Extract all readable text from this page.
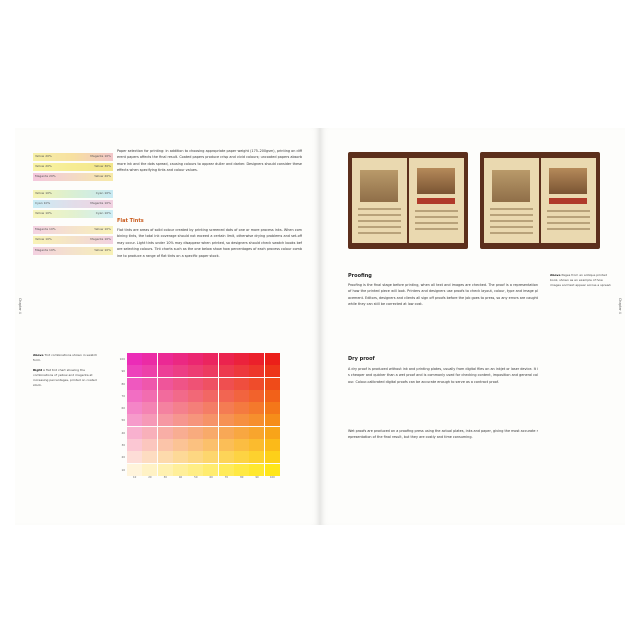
Chapter 4
Yellow 20%	Magenta 10%
Yellow 20%	Yellow 30%
Magenta 20%	Yellow 20%
Yellow 10%	Cyan 10%
Cyan 10%	Magenta 10%
Yellow 10%	Cyan 10%
Magenta 10%	Yellow 10%
Yellow 10%	Magenta 10%
Magenta 10%	Yellow 10%
Paper selection for printing: in addition to choosing appropriate paper weight (175–200gsm), printing on different papers affects the final result. Coated papers produce crisp and vivid colours; uncoated papers absorb more ink and the dots spread, causing colours to appear duller and darker. Designers should consider these effects when specifying tints and colour values.
Flat Tints
Flat tints are areas of solid colour created by printing screened dots of one or more process inks. When combining tints, the total ink coverage should not exceed a certain limit, otherwise drying problems and set-off may occur. Light tints under 10% may disappear when printed, so designers should check swatch books before selecting colours. Tint charts such as the one below show how percentages of each process colour combine to produce a range of flat tints on a specific paper stock.
Above Tint combinations shown in swatch form.
Right A flat tint chart showing the combinations of yellow and magenta at increasing percentages, printed on coated stock.
100
90
80
70
60
50
40
30
20
10
10	20	30	40	50	60	70	80	90	100
Chapter 4
Proofing
Proofing is the final stage before printing, when all text and images are checked. The proof is a representation of how the printed piece will look. Printers and designers use proofs to check layout, colour, type and image placement. Editors, designers and clients all sign off proofs before the job goes to press, so any errors are caught while they can still be corrected at low cost.
Dry proof
A dry proof is produced without ink and printing plates, usually from digital files on an inkjet or laser device. It is cheaper and quicker than a wet proof and is commonly used for checking content, imposition and general colour. Colour-calibrated digital proofs can be accurate enough to serve as a contract proof.
Wet proofs are produced on a proofing press using the actual plates, inks and paper, giving the most accurate representation of the final result, but they are costly and time consuming.
Above Pages from an antique printed book, shown as an example of how images and text appear across a spread.
